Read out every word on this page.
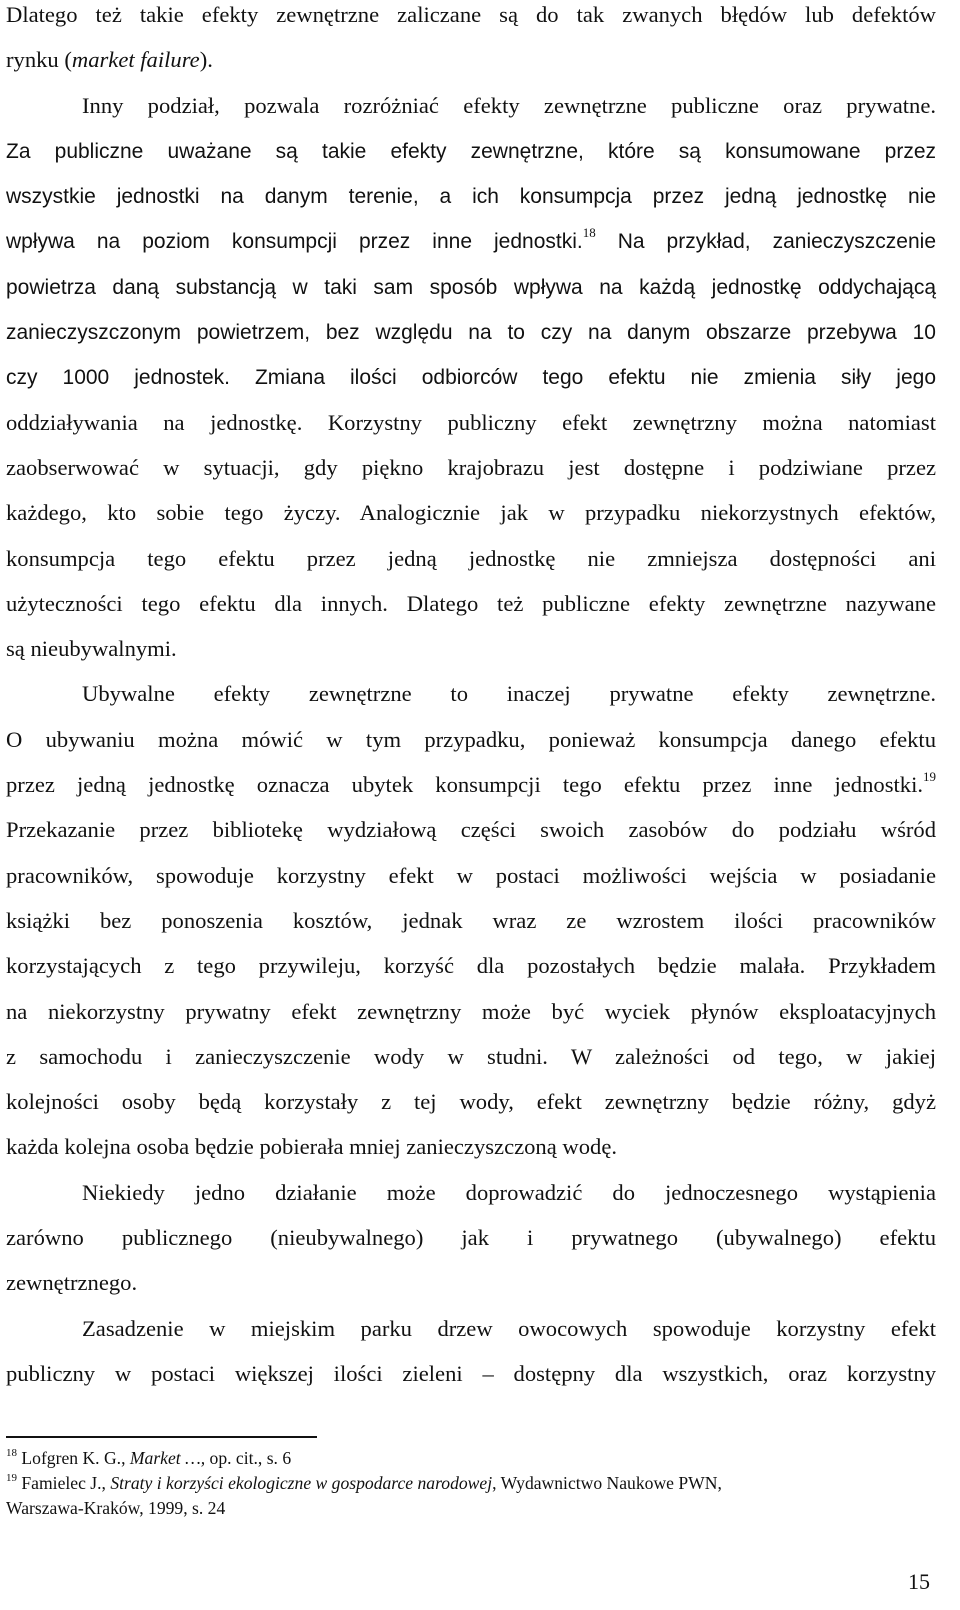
Dlatego też takie efekty zewnętrzne zaliczane są do tak zwanych błędów lub defektów
rynku (market failure).
Inny podział, pozwala rozróżniać efekty zewnętrzne publiczne oraz prywatne.
Za publiczne uważane są takie efekty zewnętrzne, które są konsumowane przez
wszystkie jednostki na danym terenie, a ich konsumpcja przez jedną jednostkę nie
wpływa na poziom konsumpcji przez inne jednostki.$^{18}$ Na przykład, zanieczyszczenie
powietrza daną substancją w taki sam sposób wpływa na każdą jednostkę oddychającą
zanieczyszczonym powietrzem, bez względu na to czy na danym obszarze przebywa 10
czy 1000 jednostek. Zmiana ilości odbiorców tego efektu nie zmienia siły jego
oddziaływania na jednostkę. Korzystny publiczny efekt zewnętrzny można natomiast
zaobserwować w sytuacji, gdy piękno krajobrazu jest dostępne i podziwiane przez
każdego, kto sobie tego życzy. Analogicznie jak w przypadku niekorzystnych efektów,
konsumpcja tego efektu przez jedną jednostkę nie zmniejsza dostępności ani
użyteczności tego efektu dla innych. Dlatego też publiczne efekty zewnętrzne nazywane
są nieubywalnymi.
Ubywalne efekty zewnętrzne to inaczej prywatne efekty zewnętrzne.
O ubywaniu można mówić w tym przypadku, ponieważ konsumpcja danego efektu
przez jedną jednostkę oznacza ubytek konsumpcji tego efektu przez inne jednostki.$^{19}$
Przekazanie przez bibliotekę wydziałową części swoich zasobów do podziału wśród
pracowników, spowoduje korzystny efekt w postaci możliwości wejścia w posiadanie
książki bez ponoszenia kosztów, jednak wraz ze wzrostem ilości pracowników
korzystających z tego przywileju, korzyść dla pozostałych będzie malała. Przykładem
na niekorzystny prywatny efekt zewnętrzny może być wyciek płynów eksploatacyjnych
z samochodu i zanieczyszczenie wody w studni. W zależności od tego, w jakiej
kolejności osoby będą korzystały z tej wody, efekt zewnętrzny będzie różny, gdyż
każda kolejna osoba będzie pobierała mniej zanieczyszczoną wodę.
Niekiedy jedno działanie może doprowadzić do jednoczesnego wystąpienia
zarówno publicznego (nieubywalnego) jak i prywatnego (ubywalnego) efektu
zewnętrznego.
Zasadzenie w miejskim parku drzew owocowych spowoduje korzystny efekt
publiczny w postaci większej ilości zieleni – dostępny dla wszystkich, oraz korzystny
$^{18}$ Lofgren K. G., Market …, op. cit., s. 6
$^{19}$ Famielec J., Straty i korzyści ekologiczne w gospodarce narodowej, Wydawnictwo Naukowe PWN,
Warszawa-Kraków, 1999, s. 24
15
